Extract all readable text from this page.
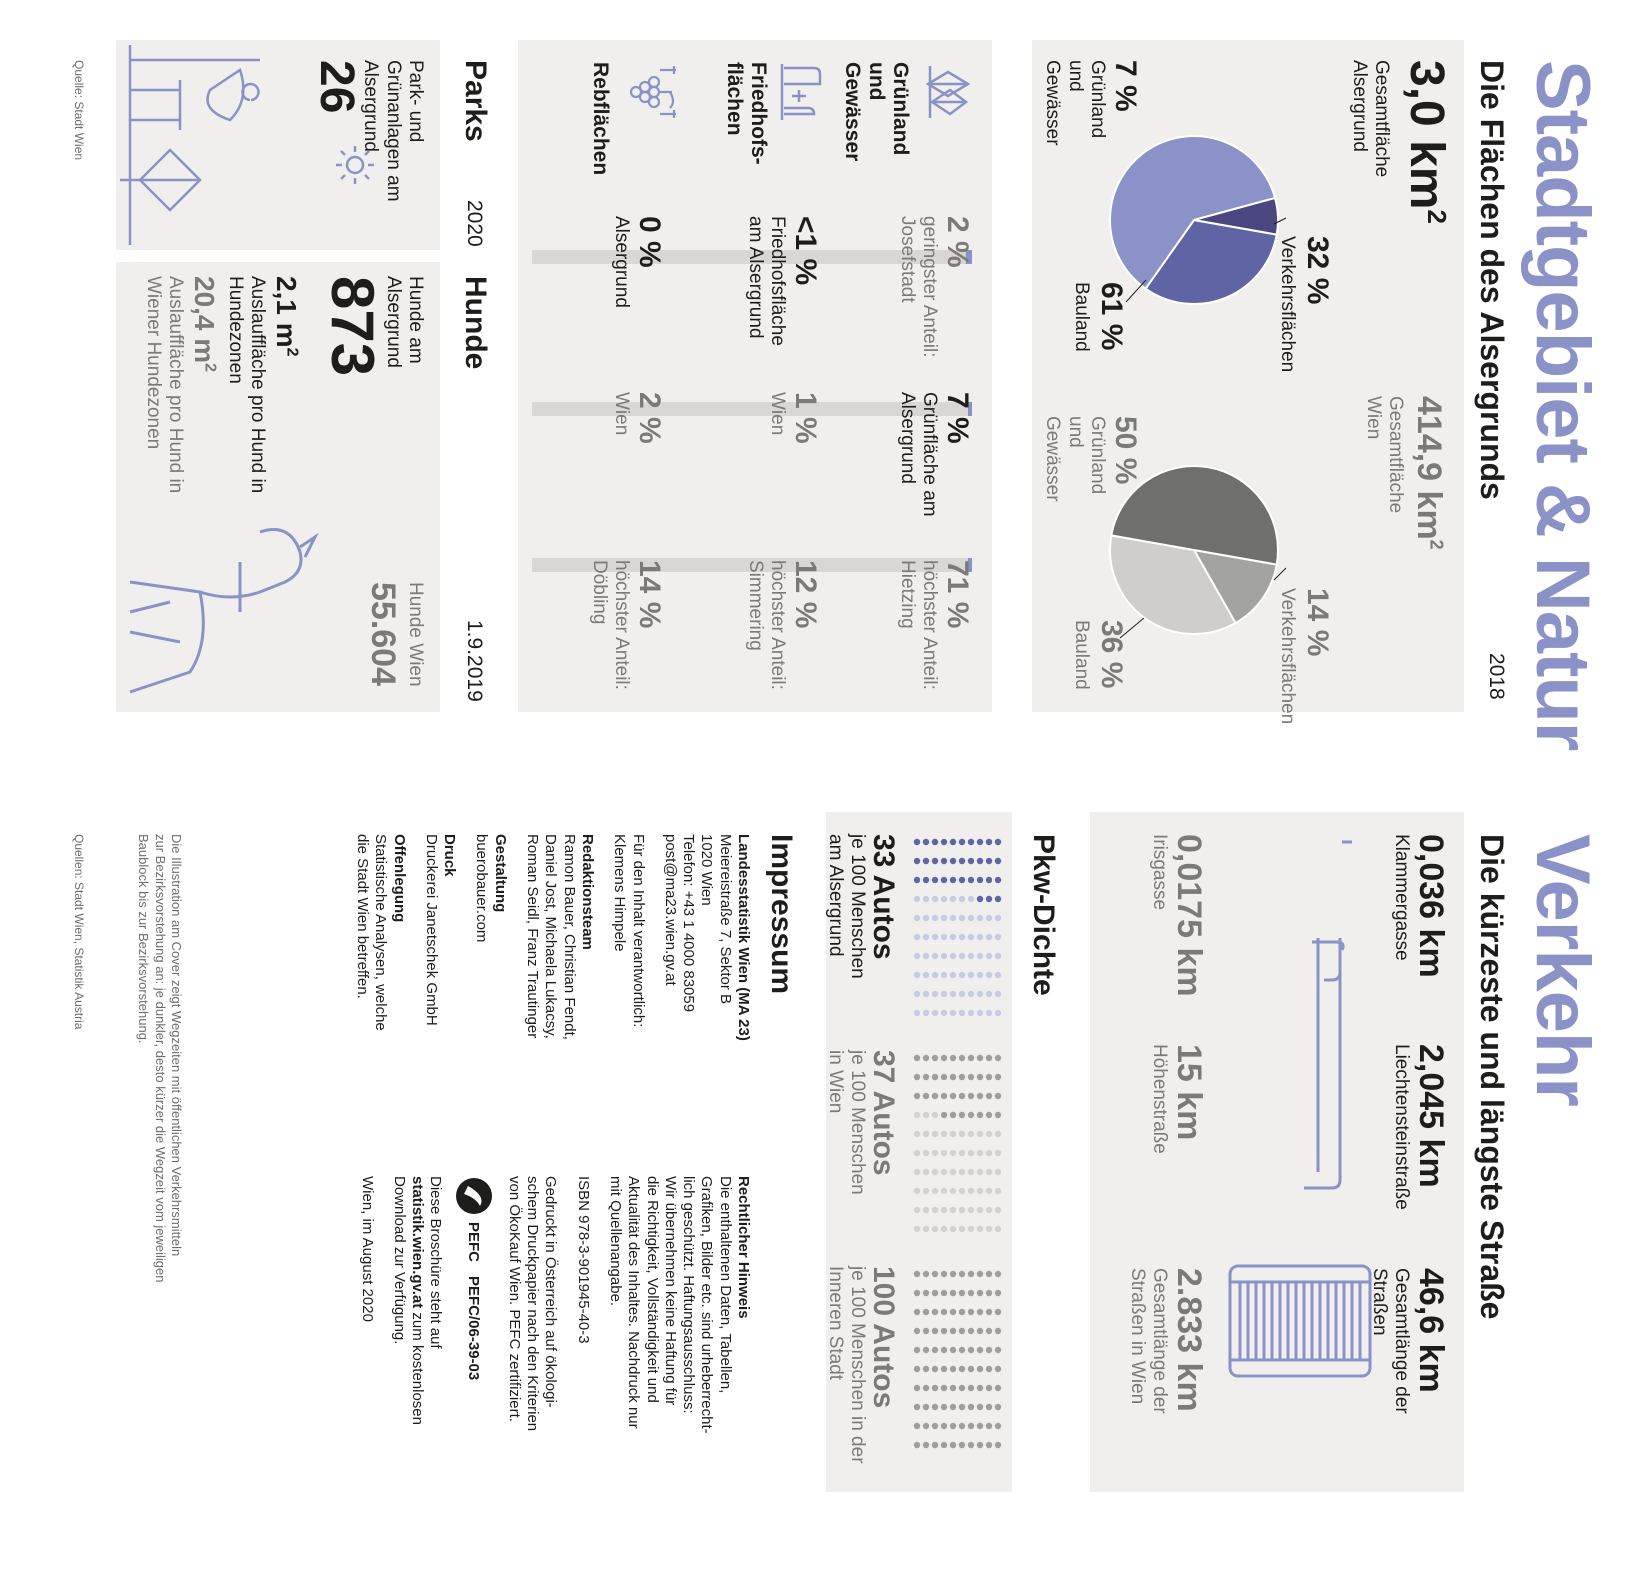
Stadtgebiet & Natur
Die Flächen des Alsergrunds
2018
3,0 $km^2$
Gesamtfläche Alsergrund
414,9 $km^2$
Gesamtfläche Wien
32 %
Verkehrsflächen
61 %
Bauland
7 %
Grünland und Gewässer
14 %
Verkehrsflächen
36 %
Bauland
50 %
Grünland und Gewässer
Grünland und Gewässer
Friedhofs-flächen
Rebflächen
2 %
geringster Anteil: Josefstadt
7 %
Grünfläche am Alsergrund
71 %
höchster Anteil: Hietzing
<1 %
Friedhofsfläche am Alsergrund
1 %
Wien
12 %
höchster Anteil: Simmering
0 %
Alsergrund
2 %
Wien
14 %
höchster Anteil: Döbling
Parks
2020
Hunde
1.9.2019
Park- und Grünanlagen am Alsergrund
26
Hunde am Alsergrund
873
Hunde Wien
55.604
2,1 $m^2$
Auslauffläche pro Hund in Hundezonen
20,4 $m^2$
Auslauffläche pro Hund in Wiener Hundezonen
Quelle: Stadt Wien
Verkehr
Die kürzeste und längste Straße
0,036 km
Klammergasse
2,045 km
Liechtensteinstraße
46,6 km
Gesamtlänge der Straßen
0,0175 km
Irisgasse
15 km
Höhenstraße
2.833 km
Gesamtlänge der Straßen in Wien
Pkw-Dichte
33 Autos
je 100 Menschen am Alsergrund
37 Autos
je 100 Menschen in Wien
100 Autos
je 100 Menschen in der Inneren Stadt
Impressum
Landesstatistik Wien (MA 23)
Meiereistraße 7, Sektor B
1020 Wien
Telefon: +43 1 4000 83059
post@ma23.wien.gv.at
Für den Inhalt verantwortlich:
Klemens Himpele
Redaktionsteam
Ramon Bauer, Christian Fendt,
Daniel Jost, Michaela Lukacsy,
Roman Seidl, Franz Trautinger
Gestaltung
buerobauer.com
Druck
Druckerei Janetschek GmbH
Offenlegung
Statistische Analysen, welche
die Stadt Wien betreffen.
Rechtlicher Hinweis
Die enthaltenen Daten, Tabellen,
Grafiken, Bilder etc. sind urheberrecht-
lich geschützt. Haftungsausschluss:
Wir übernehmen keine Haftung für
die Richtigkeit, Vollständigkeit und
Aktualität des Inhaltes. Nachdruck nur
mit Quellenangabe.
ISBN 978-3-901945-40-3
Gedruckt in Österreich auf ökologi-
schem Druckpapier nach den Kriterien
von ÖkoKauf Wien. PEFC zertifiziert.
PEFC
PEFC/06-39-03
Diese Broschüre steht auf
statistik.wien.gv.at zum kostenlosen
Download zur Verfügung.
Wien, im August 2020
Die Illustration am Cover zeigt Wegzeiten mit öffentlichen Verkehrsmitteln
zur Bezirksvorstehung an: je dunkler, desto kürzer die Wegzeit vom jeweiligen
Baublock bis zur Bezirksvorstehung.
Quellen: Stadt Wien, Statistik Austria
